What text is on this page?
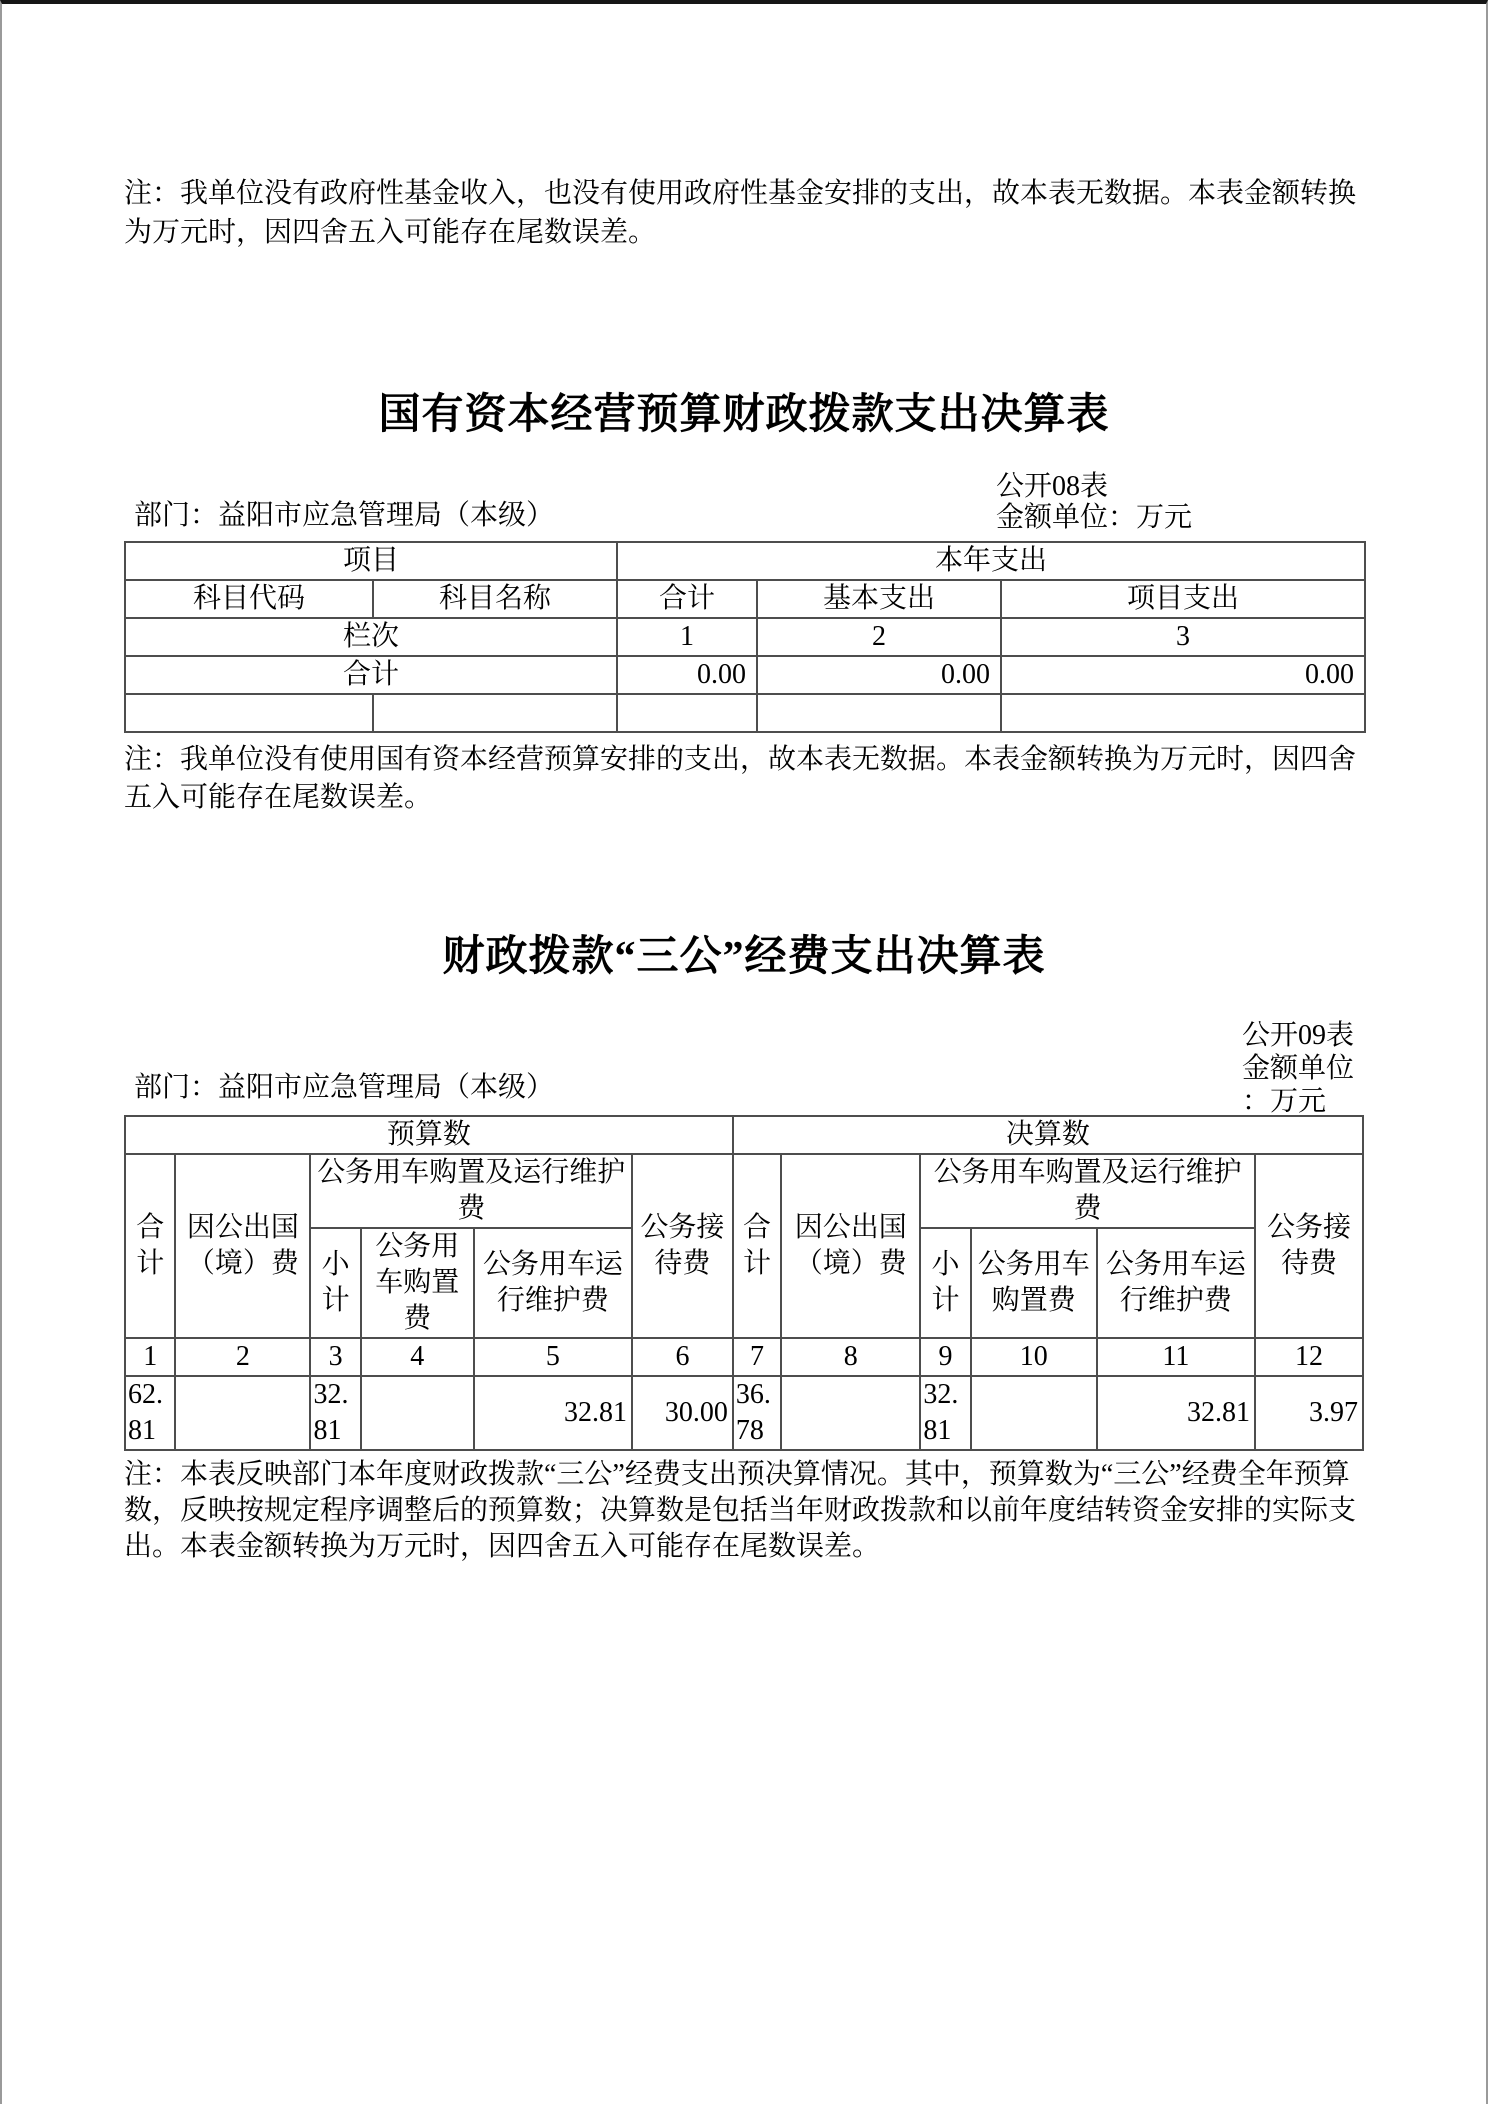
注：我单位没有政府性基金收入，也没有使用政府性基金安排的支出，故本表无数据。本表金额转换为万元时，因四舍五入可能存在尾数误差。

国有资本经营预算财政拨款支出决算表
公开08表
金额单位：万元
部门：益阳市应急管理局（本级）
项目		本年支出		
科目代码	科目名称	合计	基本支出	项目支出
栏次		1	2	3
合计		0.00	0.00	0.00

注：我单位没有使用国有资本经营预算安排的支出，故本表无数据。本表金额转换为万元时，因四舍五入可能存在尾数误差。

财政拨款“三公”经费支出决算表
公开09表
金额单位
：万元
部门：益阳市应急管理局（本级）
预算数						决算数					
合计	因公出国（境）费	公务用车购置及运行维护费			公务接待费	合计	因公出国（境）费	公务用车购置及运行维护费			公务接待费
		小计	公务用车购置费	公务用车运行维护费				小计	公务用车购置费	公务用车运行维护费	
1	2	3	4	5	6	7	8	9	10	11	12
62.81		32.81		32.81	30.00	36.78		32.81		32.81	3.97

注：本表反映部门本年度财政拨款“三公”经费支出预决算情况。其中，预算数为“三公”经费全年预算数，反映按规定程序调整后的预算数；决算数是包括当年财政拨款和以前年度结转资金安排的实际支出。本表金额转换为万元时，因四舍五入可能存在尾数误差。
